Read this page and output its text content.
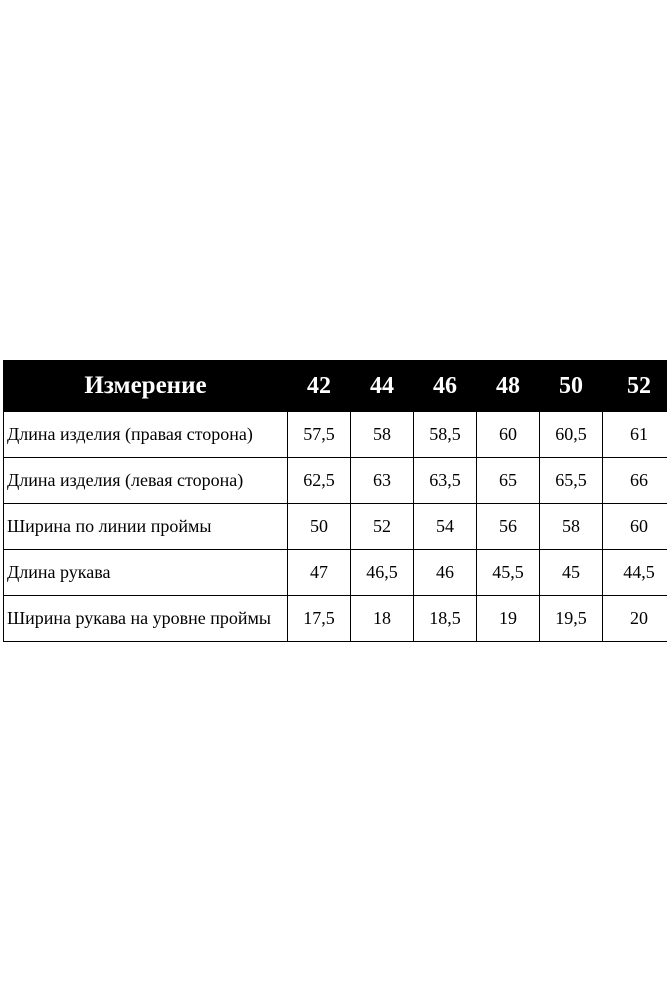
Измерение	42	44	46	48	50	52
Длина изделия (правая сторона)	57,5	58	58,5	60	60,5	61
Длина изделия (левая сторона)	62,5	63	63,5	65	65,5	66
Ширина по линии проймы	50	52	54	56	58	60
Длина рукава	47	46,5	46	45,5	45	44,5
Ширина рукава на уровне проймы	17,5	18	18,5	19	19,5	20
